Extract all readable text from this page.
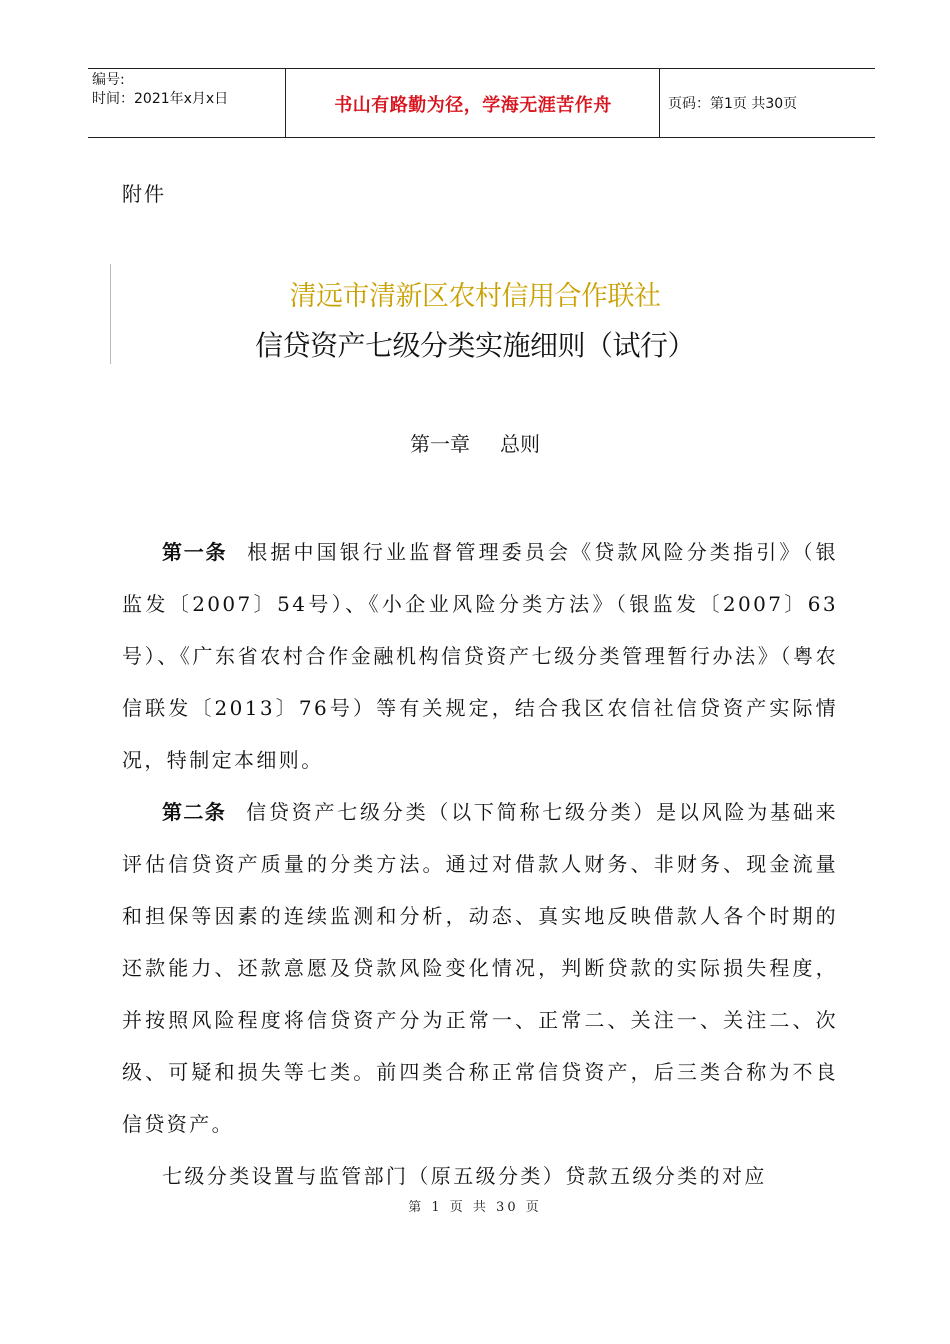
编号:
时间：2021年x月x日	书山有路勤为径，学海无涯苦作舟	页码：第1页 共30页
附件
清远市清新区农村信用合作联社
信贷资产七级分类实施细则（试行）
第一章 总则

第一条 根据中国银行业监督管理委员会《贷款风险分类指引》（银监发〔2007〕54号）、《小企业风险分类方法》（银监发〔2007〕63号）、《广东省农村合作金融机构信贷资产七级分类管理暂行办法》（粤农信联发〔2013〕76号）等有关规定，结合我区农信社信贷资产实际情况，特制定本细则。

第二条 信贷资产七级分类（以下简称七级分类）是以风险为基础来评估信贷资产质量的分类方法。通过对借款人财务、非财务、现金流量和担保等因素的连续监测和分析，动态、真实地反映借款人各个时期的还款能力、还款意愿及贷款风险变化情况，判断贷款的实际损失程度，并按照风险程度将信贷资产分为正常一、正常二、关注一、关注二、次级、可疑和损失等七类。前四类合称正常信贷资产，后三类合称为不良信贷资产。

七级分类设置与监管部门（原五级分类）贷款五级分类的对应

第 1 页 共 30 页
